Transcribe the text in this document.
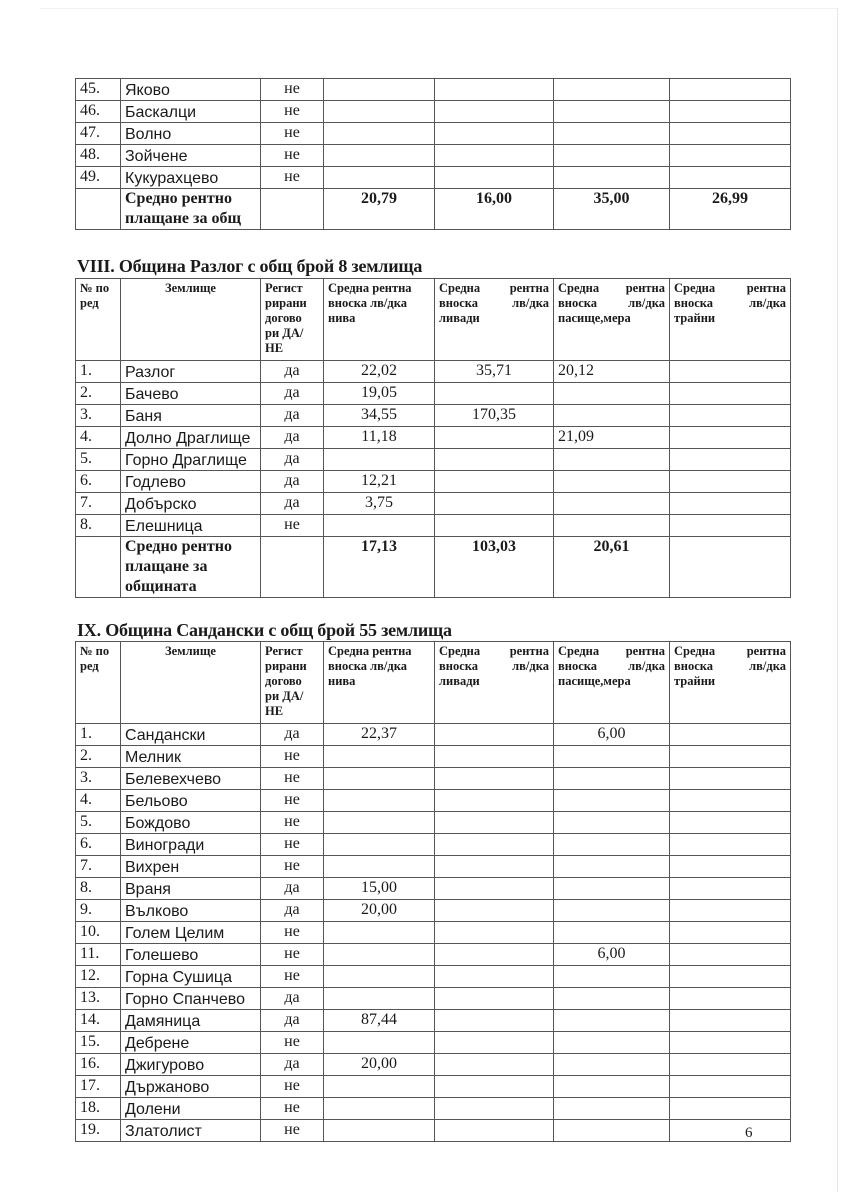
45.	Яково	не				
46.	Баскалци	не				
47.	Волно	не				
48.	Зойчене	не				
49.	Кукурахцево	не				
	Средно рентно плащане за общ		20,79	16,00	35,00	26,99
VIII. Община Разлог с общ брой 8 землища
№ по ред	Землище	Регист рирани догово ри ДА/ НЕ	Средна рентна вноска лв/дка нива	Средна рентна вноска лв/дка ливади	Средна рентна вноска лв/дка пасище,мера	Средна рентна вноска лв/дка трайни
1.	Разлог	да	22,02	35,71	20,12	
2.	Бачево	да	19,05			
3.	Баня	да	34,55	170,35		
4.	Долно Драглище	да	11,18		21,09	
5.	Горно Драглище	да				
6.	Годлево	да	12,21			
7.	Добърско	да	3,75			
8.	Елешница	не				
	Средно рентно плащане за общината		17,13	103,03	20,61	
IX. Община Сандански с общ брой 55 землища
№ по ред	Землище	Регист рирани догово ри ДА/ НЕ	Средна рентна вноска лв/дка нива	Средна рентна вноска лв/дка ливади	Средна рентна вноска лв/дка пасище,мера	Средна рентна вноска лв/дка трайни
1.	Сандански	да	22,37		6,00	
2.	Мелник	не				
3.	Белевехчево	не				
4.	Бельово	не				
5.	Бождово	не				
6.	Виногради	не				
7.	Вихрен	не				
8.	Враня	да	15,00			
9.	Вълково	да	20,00			
10.	Голем Целим	не				
11.	Голешево	не			6,00	
12.	Горна Сушица	не				
13.	Горно Спанчево	да				
14.	Дамяница	да	87,44			
15.	Дебрене	не				
16.	Джигурово	да	20,00			
17.	Държаново	не				
18.	Долени	не				
19.	Златолист	не					6
